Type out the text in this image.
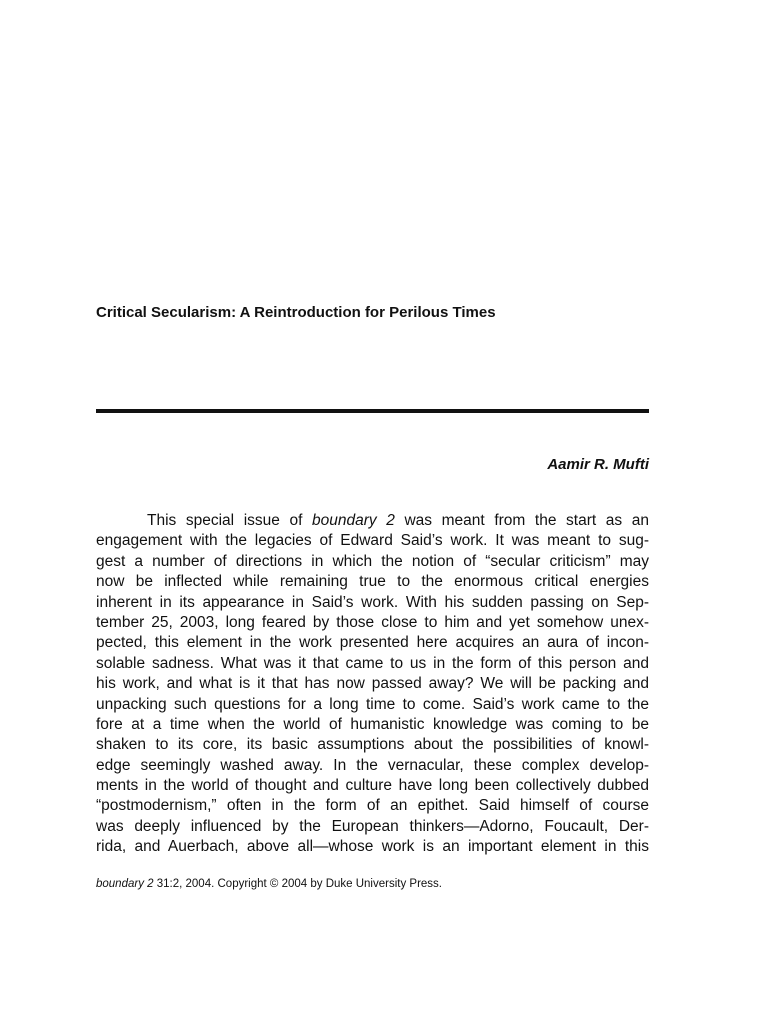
Critical Secularism: A Reintroduction for Perilous Times
Aamir R. Mufti
This special issue of boundary 2 was meant from the start as an
engagement with the legacies of Edward Said’s work. It was meant to sug-
gest a number of directions in which the notion of “secular criticism” may
now be inflected while remaining true to the enormous critical energies
inherent in its appearance in Said’s work. With his sudden passing on Sep-
tember 25, 2003, long feared by those close to him and yet somehow unex-
pected, this element in the work presented here acquires an aura of incon-
solable sadness. What was it that came to us in the form of this person and
his work, and what is it that has now passed away? We will be packing and
unpacking such questions for a long time to come. Said’s work came to the
fore at a time when the world of humanistic knowledge was coming to be
shaken to its core, its basic assumptions about the possibilities of knowl-
edge seemingly washed away. In the vernacular, these complex develop-
ments in the world of thought and culture have long been collectively dubbed
“postmodernism,” often in the form of an epithet. Said himself of course
was deeply influenced by the European thinkers—Adorno, Foucault, Der-
rida, and Auerbach, above all—whose work is an important element in this
boundary 2 31:2, 2004. Copyright © 2004 by Duke University Press.
